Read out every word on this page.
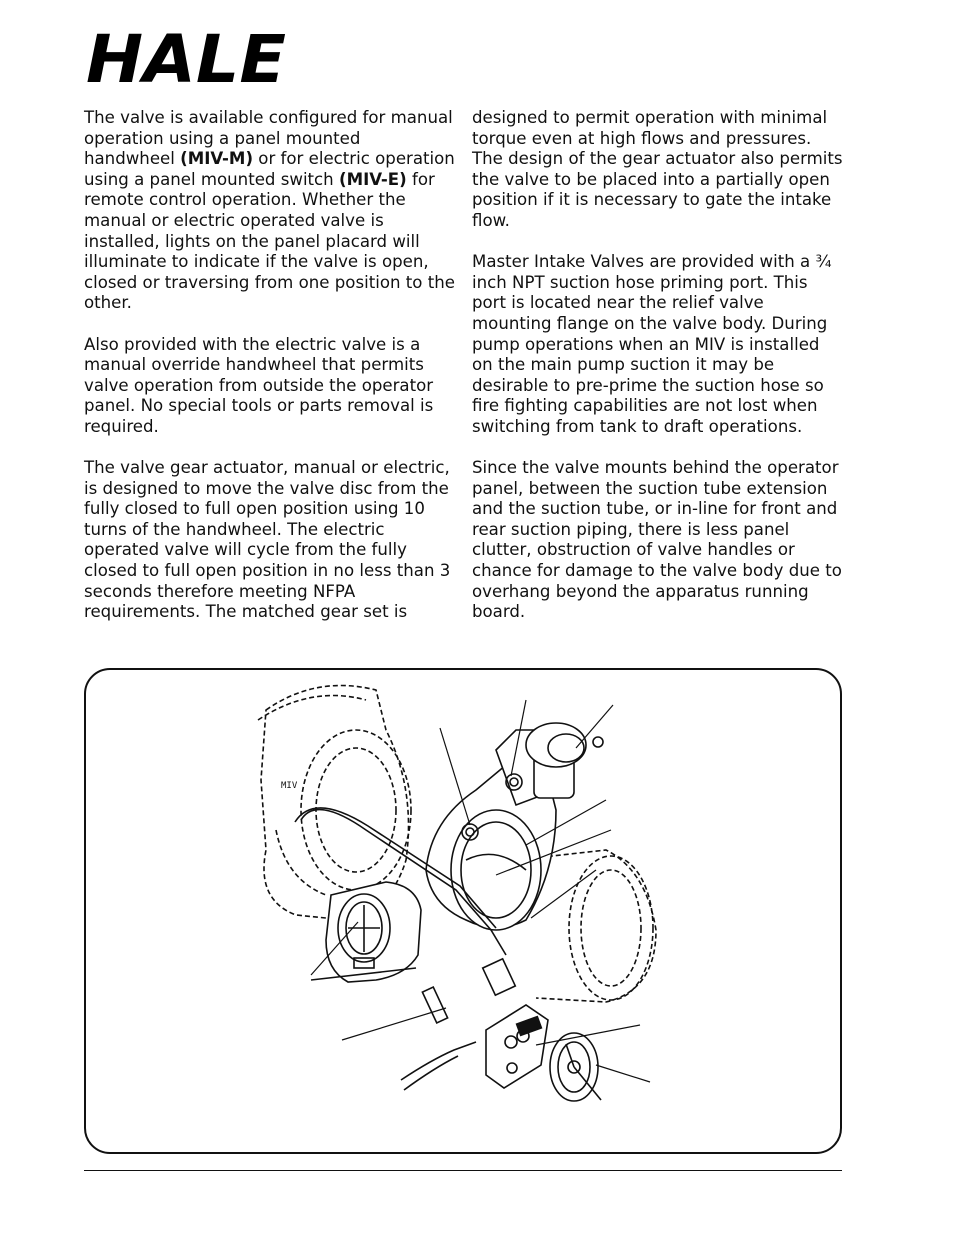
HALE

The valve is available configured for manual operation using a panel mounted handwheel (MIV-M) or for electric operation using a panel mounted switch (MIV-E) for remote control operation. Whether the manual or electric operated valve is installed, lights on the panel placard will illuminate to indicate if the valve is open, closed or traversing from one position to the other.

Also provided with the electric valve is a manual override handwheel that permits valve operation from outside the operator panel. No special tools or parts removal is required.

The valve gear actuator, manual or electric, is designed to move the valve disc from the fully closed to full open position using 10 turns of the handwheel. The electric operated valve will cycle from the fully closed to full open position in no less than 3 seconds therefore meeting NFPA requirements. The matched gear set is

designed to permit operation with minimal torque even at high flows and pressures. The design of the gear actuator also permits the valve to be placed into a partially open position if it is necessary to gate the intake flow.

Master Intake Valves are provided with a ¾ inch NPT suction hose priming port. This port is located near the relief valve mounting flange on the valve body. During pump operations when an MIV is installed on the main pump suction it may be desirable to pre-prime the suction hose so fire fighting capabilities are not lost when switching from tank to draft operations.

Since the valve mounts behind the operator panel, between the suction tube extension and the suction tube, or in-line for front and rear suction piping, there is less panel clutter, obstruction of valve handles or chance for damage to the valve body due to overhang beyond the apparatus running board.

MIV
